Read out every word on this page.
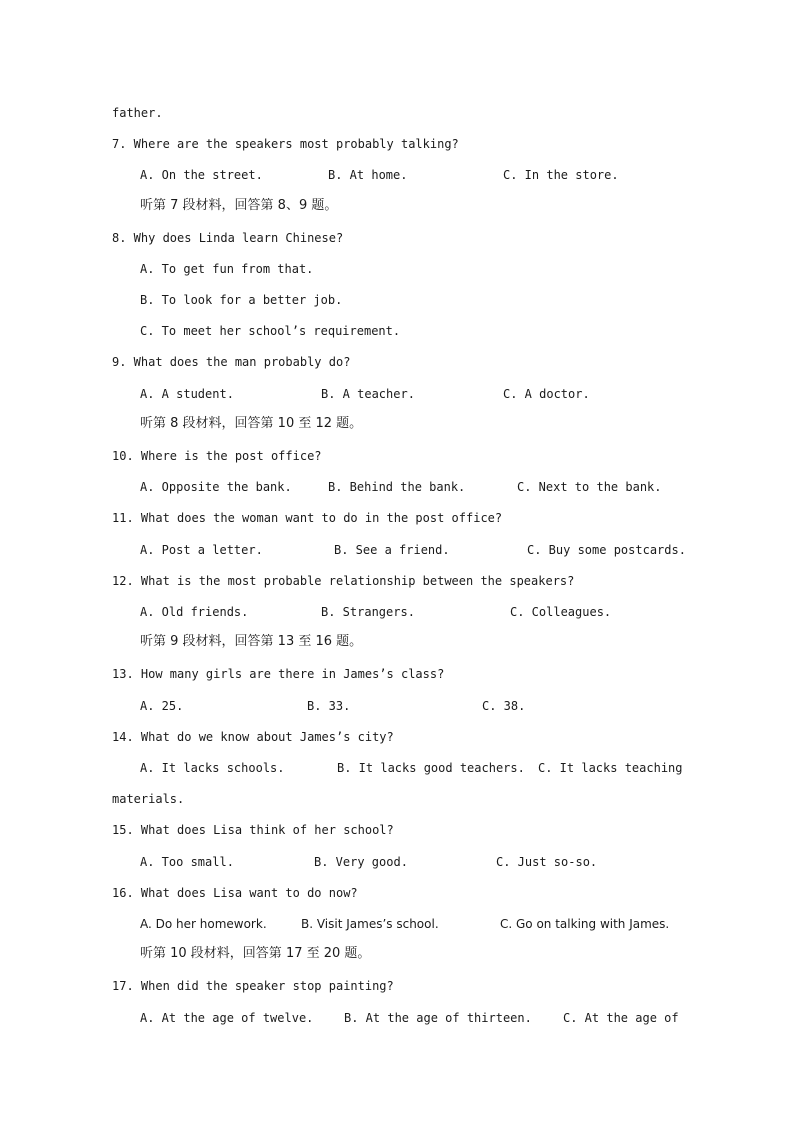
father.
7. Where are the speakers most probably talking?
A. On the street.	B. At home.	C. In the store.
听第 7 段材料，回答第 8、9 题。
8. Why does Linda learn Chinese?
A. To get fun from that.
B. To look for a better job.
C. To meet her school’s requirement.
9. What does the man probably do?
A. A student.	B. A teacher.	C. A doctor.
听第 8 段材料，回答第 10 至 12 题。
10. Where is the post office?
A. Opposite the bank.	B. Behind the bank.	C. Next to the bank.
11. What does the woman want to do in the post office?
A. Post a letter.	B. See a friend.	C. Buy some postcards.
12. What is the most probable relationship between the speakers?
A. Old friends.	B. Strangers.	C. Colleagues.
听第 9 段材料，回答第 13 至 16 题。
13. How many girls are there in James’s class?
A. 25.	B. 33.	C. 38.
14. What do we know about James’s city?
A. It lacks schools.	B. It lacks good teachers. C. It lacks teaching
materials.
15. What does Lisa think of her school?
A. Too small.	B. Very good.	C. Just so-so.
16. What does Lisa want to do now?
A. Do her homework.	B. Visit James’s school.	C. Go on talking with James.
听第 10 段材料，回答第 17 至 20 题。
17. When did the speaker stop painting?
A. At the age of twelve.	B. At the age of thirteen.	C. At the age of
